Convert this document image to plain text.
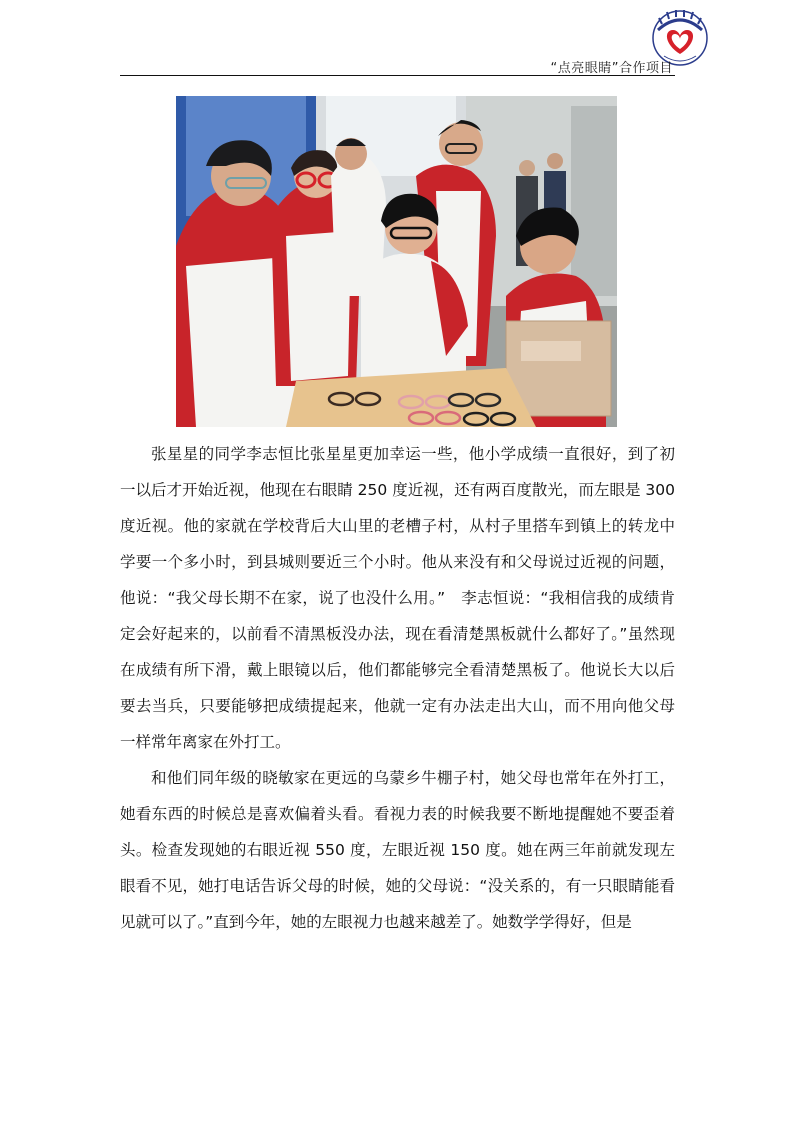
“点亮眼睛”合作项目

张星星的同学李志恒比张星星更加幸运一些，他小学成绩一直很好，到了初一以后才开始近视，他现在右眼睛 250 度近视，还有两百度散光，而左眼是 300 度近视。他的家就在学校背后大山里的老槽子村，从村子里搭车到镇上的转龙中学要一个多小时，到县城则要近三个小时。他从来没有和父母说过近视的问题，他说：“我父母长期不在家，说了也没什么用。”　李志恒说：“我相信我的成绩肯定会好起来的，以前看不清黑板没办法，现在看清楚黑板就什么都好了。”虽然现在成绩有所下滑，戴上眼镜以后，他们都能够完全看清楚黑板了。他说长大以后要去当兵，只要能够把成绩提起来，他就一定有办法走出大山，而不用向他父母一样常年离家在外打工。

和他们同年级的晓敏家在更远的乌蒙乡牛棚子村，她父母也常年在外打工，她看东西的时候总是喜欢偏着头看。看视力表的时候我要不断地提醒她不要歪着头。检查发现她的右眼近视 550 度，左眼近视 150 度。她在两三年前就发现左眼看不见，她打电话告诉父母的时候，她的父母说：“没关系的，有一只眼睛能看见就可以了。”直到今年，她的左眼视力也越来越差了。她数学学得好，但是
